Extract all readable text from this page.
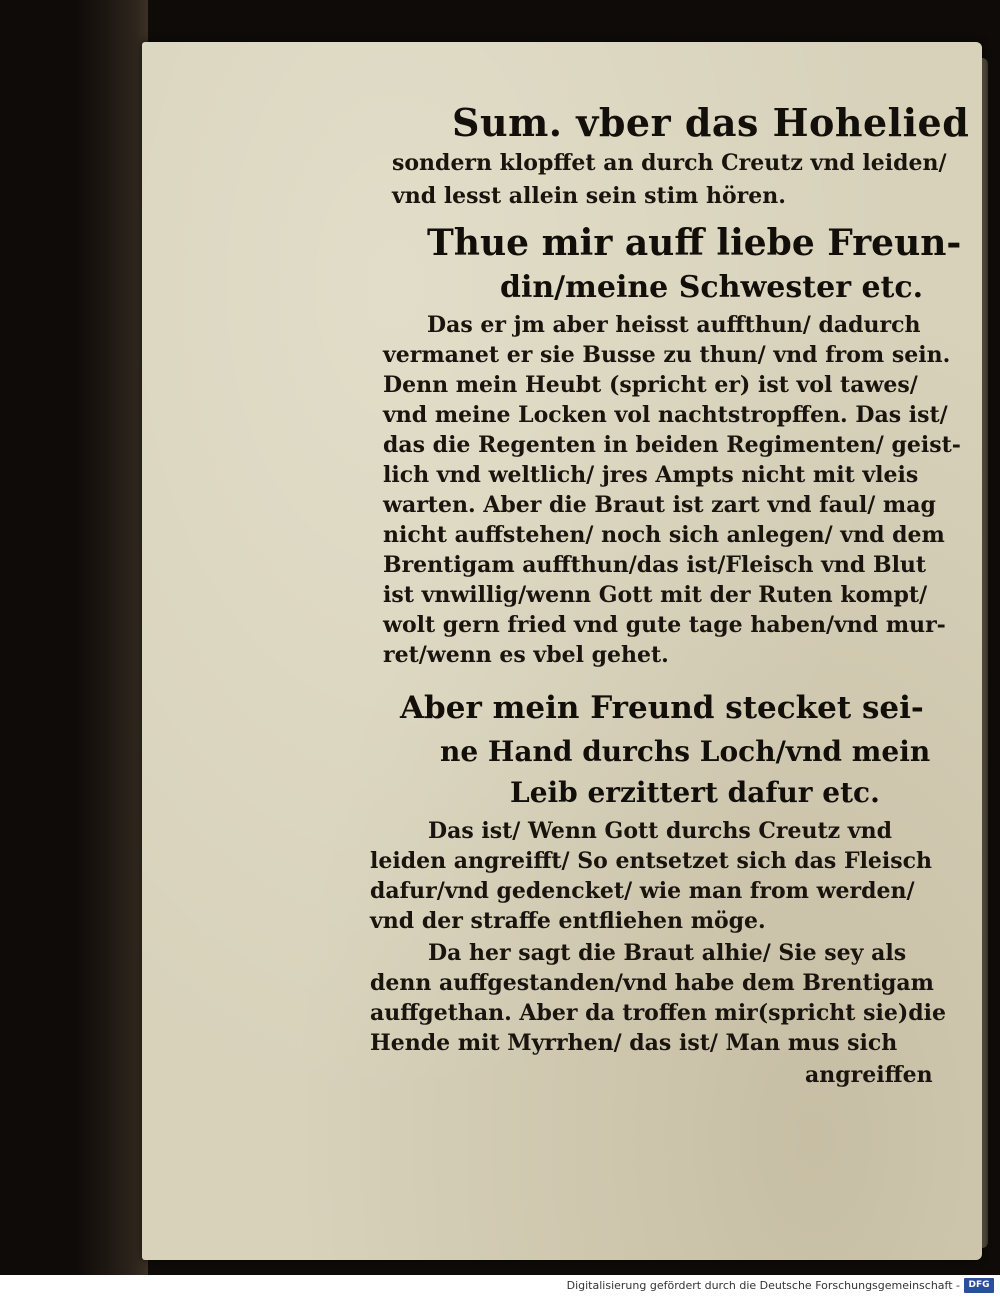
Sum. vber das Hohelied
sondern klopffet an durch Creutz vnd leiden/
vnd lesst allein sein stim hören.
Thue mir auff liebe Freun-
din/meine Schwester etc.
Das er jm aber heisst auffthun/ dadurch
vermanet er sie Busse zu thun/ vnd from sein.
Denn mein Heubt (spricht er) ist vol tawes/
vnd meine Locken vol nachtstropffen. Das ist/
das die Regenten in beiden Regimenten/ geist-
lich vnd weltlich/ jres Ampts nicht mit vleis
warten. Aber die Braut ist zart vnd faul/ mag
nicht auffstehen/ noch sich anlegen/ vnd dem
Brentigam auffthun/das ist/Fleisch vnd Blut
ist vnwillig/wenn Gott mit der Ruten kompt/
wolt gern fried vnd gute tage haben/vnd mur-
ret/wenn es vbel gehet.
Aber mein Freund stecket sei-
ne Hand durchs Loch/vnd mein
Leib erzittert dafur etc.
Das ist/ Wenn Gott durchs Creutz vnd
leiden angreifft/ So entsetzet sich das Fleisch
dafur/vnd gedencket/ wie man from werden/
vnd der straffe entfliehen möge.
Da her sagt die Braut alhie/ Sie sey als
denn auffgestanden/vnd habe dem Brentigam
auffgethan. Aber da troffen mir(spricht sie)die
Hende mit Myrrhen/ das ist/ Man mus sich
angreiffen
Digitalisierung gefördert durch die Deutsche Forschungsgemeinschaft - DFG
